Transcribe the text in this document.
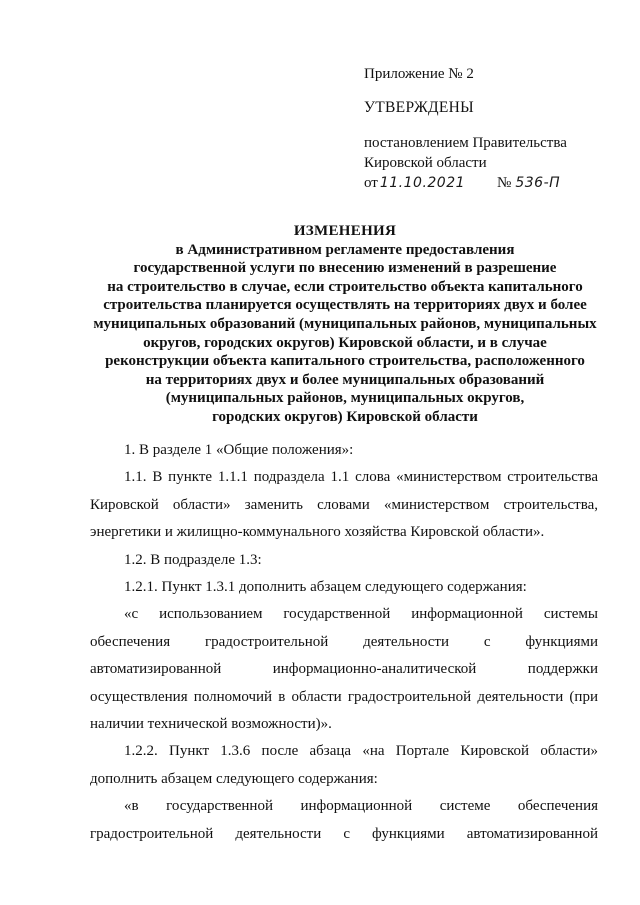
Приложение № 2
УТВЕРЖДЕНЫ
постановлением Правительства
Кировской области
от 11.10.2021 № 536-П
ИЗМЕНЕНИЯ
в Административном регламенте предоставления
государственной услуги по внесению изменений в разрешение
на строительство в случае, если строительство объекта капитального
строительства планируется осуществлять на территориях двух и более
муниципальных образований (муниципальных районов, муниципальных
округов, городских округов) Кировской области, и в случае
реконструкции объекта капитального строительства, расположенного
на территориях двух и более муниципальных образований
(муниципальных районов, муниципальных округов,
городских округов) Кировской области

1. В разделе 1 «Общие положения»:

1.1. В пункте 1.1.1 подраздела 1.1 слова «министерством строительства Кировской области» заменить словами «министерством строительства, энергетики и жилищно-коммунального хозяйства Кировской области».

1.2. В подразделе 1.3:

1.2.1. Пункт 1.3.1 дополнить абзацем следующего содержания:

«с использованием государственной информационной системы обеспечения градостроительной деятельности с функциями автоматизированной информационно-аналитической поддержки осуществления полномочий в области градостроительной деятельности (при наличии технической возможности)».

1.2.2. Пункт 1.3.6 после абзаца «на Портале Кировской области» дополнить абзацем следующего содержания:

«в государственной информационной системе обеспечения градостроительной деятельности с функциями автоматизированной
